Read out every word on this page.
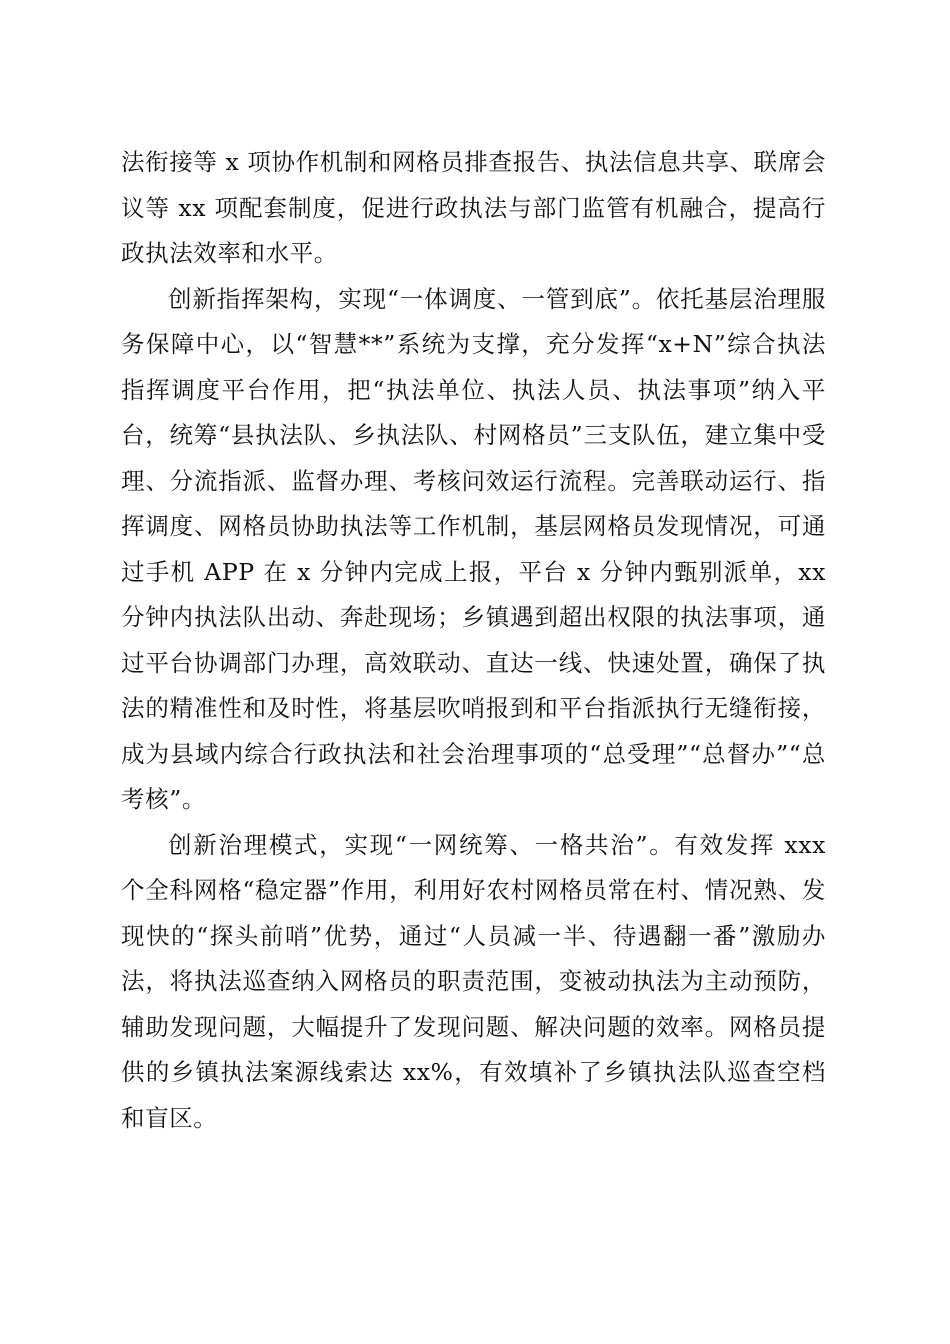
法衔接等 x 项协作机制和网格员排查报告、执法信息共享、联席会议等 xx 项配套制度，促进行政执法与部门监管有机融合，提高行政执法效率和水平。

创新指挥架构，实现“一体调度、一管到底”。依托基层治理服务保障中心，以“智慧**”系统为支撑，充分发挥“x+N”综合执法指挥调度平台作用，把“执法单位、执法人员、执法事项”纳入平台，统筹“县执法队、乡执法队、村网格员”三支队伍，建立集中受理、分流指派、监督办理、考核问效运行流程。完善联动运行、指挥调度、网格员协助执法等工作机制，基层网格员发现情况，可通过手机 APP 在 x 分钟内完成上报，平台 x 分钟内甄别派单，xx 分钟内执法队出动、奔赴现场；乡镇遇到超出权限的执法事项，通过平台协调部门办理，高效联动、直达一线、快速处置，确保了执法的精准性和及时性，将基层吹哨报到和平台指派执行无缝衔接，成为县域内综合行政执法和社会治理事项的“总受理”“总督办”“总考核”。

创新治理模式，实现“一网统筹、一格共治”。有效发挥 xxx 个全科网格“稳定器”作用，利用好农村网格员常在村、情况熟、发现快的“探头前哨”优势，通过“人员减一半、待遇翻一番”激励办法，将执法巡查纳入网格员的职责范围，变被动执法为主动预防，辅助发现问题，大幅提升了发现问题、解决问题的效率。网格员提供的乡镇执法案源线索达 xx%，有效填补了乡镇执法队巡查空档和盲区。
